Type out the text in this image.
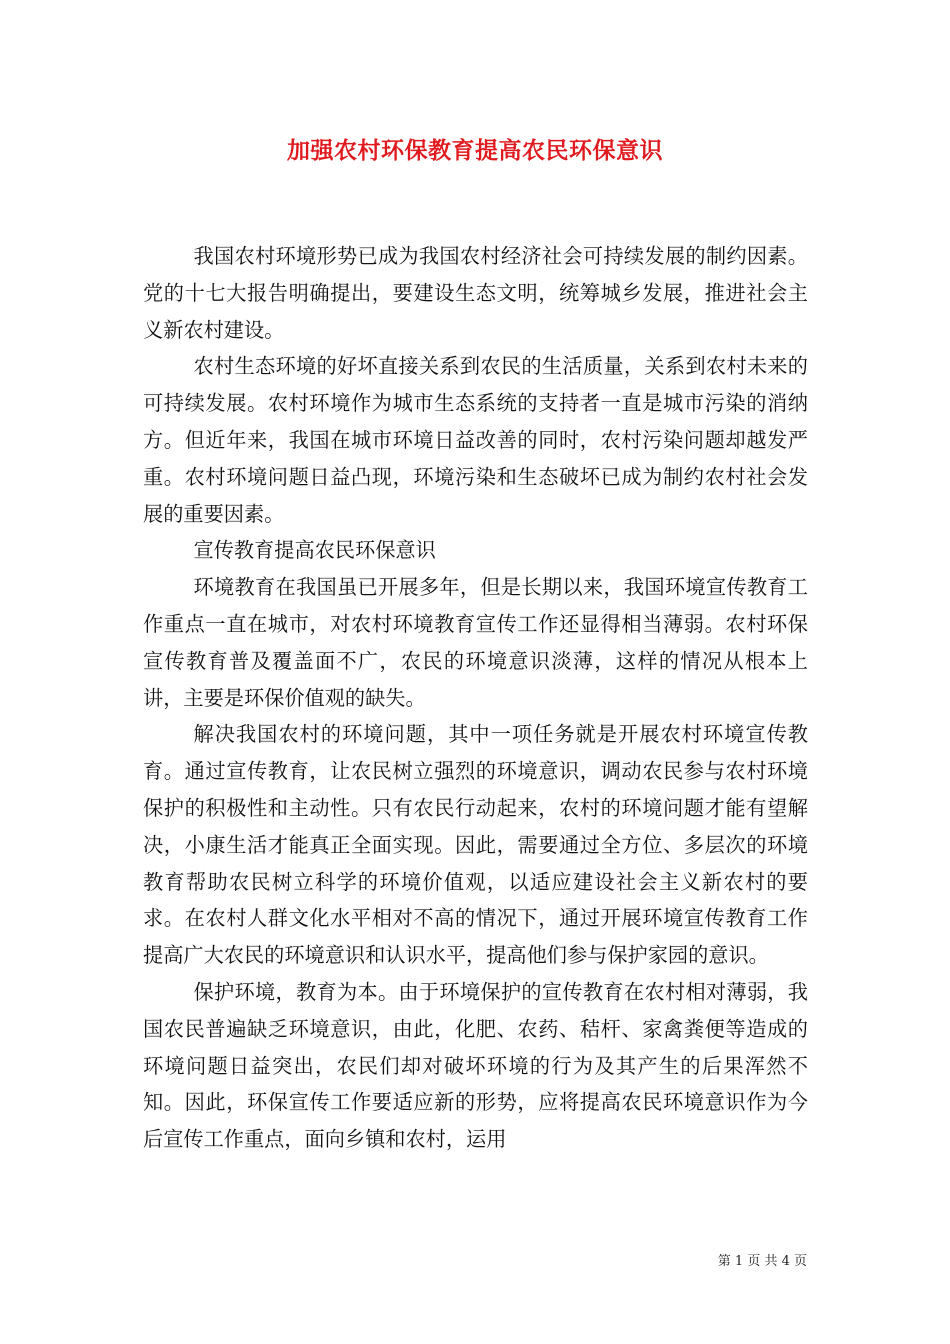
加强农村环保教育提高农民环保意识

我国农村环境形势已成为我国农村经济社会可持续发展的制约因素。党的十七大报告明确提出，要建设生态文明，统筹城乡发展，推进社会主义新农村建设。

农村生态环境的好坏直接关系到农民的生活质量，关系到农村未来的可持续发展。农村环境作为城市生态系统的支持者一直是城市污染的消纳方。但近年来，我国在城市环境日益改善的同时，农村污染问题却越发严重。农村环境问题日益凸现，环境污染和生态破坏已成为制约农村社会发展的重要因素。

宣传教育提高农民环保意识

环境教育在我国虽已开展多年，但是长期以来，我国环境宣传教育工作重点一直在城市，对农村环境教育宣传工作还显得相当薄弱。农村环保宣传教育普及覆盖面不广，农民的环境意识淡薄，这样的情况从根本上讲，主要是环保价值观的缺失。

解决我国农村的环境问题，其中一项任务就是开展农村环境宣传教育。通过宣传教育，让农民树立强烈的环境意识，调动农民参与农村环境保护的积极性和主动性。只有农民行动起来，农村的环境问题才能有望解决，小康生活才能真正全面实现。因此，需要通过全方位、多层次的环境教育帮助农民树立科学的环境价值观，以适应建设社会主义新农村的要求。在农村人群文化水平相对不高的情况下，通过开展环境宣传教育工作提高广大农民的环境意识和认识水平，提高他们参与保护家园的意识。

保护环境，教育为本。由于环境保护的宣传教育在农村相对薄弱，我国农民普遍缺乏环境意识，由此，化肥、农药、秸杆、家禽粪便等造成的环境问题日益突出，农民们却对破坏环境的行为及其产生的后果浑然不知。因此，环保宣传工作要适应新的形势，应将提高农民环境意识作为今后宣传工作重点，面向乡镇和农村，运用

第 1 页 共 4 页
